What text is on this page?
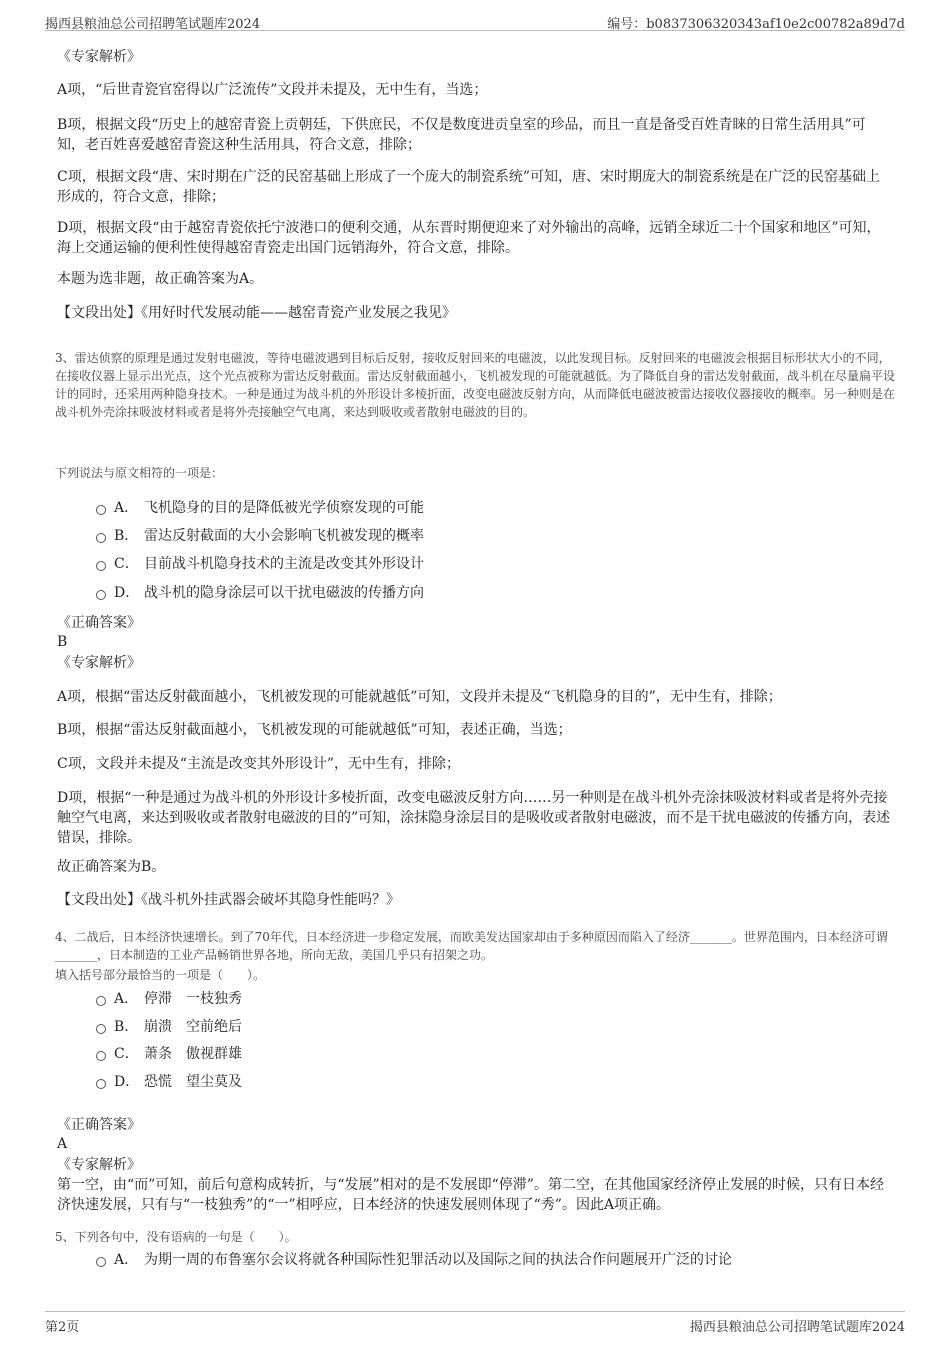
揭西县粮油总公司招聘笔试题库2024	编号：b0837306320343af10e2c00782a89d7d

《专家解析》

A项，“后世青瓷官窑得以广泛流传”文段并未提及，无中生有，当选；

B项，根据文段“历史上的越窑青瓷上贡朝廷，下供庶民，不仅是数度进贡皇室的珍品，而且一直是备受百姓青睐的日常生活用具”可知，老百姓喜爱越窑青瓷这种生活用具，符合文意，排除；

C项，根据文段“唐、宋时期在广泛的民窑基础上形成了一个庞大的制瓷系统”可知，唐、宋时期庞大的制瓷系统是在广泛的民窑基础上形成的，符合文意，排除；

D项，根据文段“由于越窑青瓷依托宁波港口的便利交通，从东晋时期便迎来了对外输出的高峰，远销全球近二十个国家和地区”可知，海上交通运输的便利性使得越窑青瓷走出国门远销海外，符合文意，排除。

本题为选非题，故正确答案为A。

【文段出处】《用好时代发展动能——越窑青瓷产业发展之我见》

3、雷达侦察的原理是通过发射电磁波，等待电磁波遇到目标后反射，接收反射回来的电磁波，以此发现目标。反射回来的电磁波会根据目标形状大小的不同，在接收仪器上显示出光点，这个光点被称为雷达反射截面。雷达反射截面越小，飞机被发现的可能就越低。为了降低自身的雷达发射截面，战斗机在尽量扁平设计的同时，还采用两种隐身技术。一种是通过为战斗机的外形设计多棱折面，改变电磁波反射方向，从而降低电磁波被雷达接收仪器接收的概率。另一种则是在战斗机外壳涂抹吸波材料或者是将外壳接触空气电离，来达到吸收或者散射电磁波的目的。

下列说法与原文相符的一项是：

A． 飞机隐身的目的是降低被光学侦察发现的可能
B． 雷达反射截面的大小会影响飞机被发现的概率
C． 目前战斗机隐身技术的主流是改变其外形设计
D． 战斗机的隐身涂层可以干扰电磁波的传播方向

《正确答案》

B

《专家解析》

A项，根据“雷达反射截面越小，飞机被发现的可能就越低”可知，文段并未提及“飞机隐身的目的”，无中生有，排除；

B项，根据“雷达反射截面越小，飞机被发现的可能就越低”可知，表述正确，当选；

C项，文段并未提及“主流是改变其外形设计”，无中生有，排除；

D项，根据“一种是通过为战斗机的外形设计多棱折面，改变电磁波反射方向……另一种则是在战斗机外壳涂抹吸波材料或者是将外壳接触空气电离，来达到吸收或者散射电磁波的目的”可知，涂抹隐身涂层目的是吸收或者散射电磁波，而不是干扰电磁波的传播方向，表述错误，排除。

故正确答案为B。

【文段出处】《战斗机外挂武器会破坏其隐身性能吗？》

4、二战后，日本经济快速增长。到了70年代，日本经济进一步稳定发展，而欧美发达国家却由于多种原因而陷入了经济_______。世界范围内，日本经济可谓_______，日本制造的工业产品畅销世界各地，所向无敌，美国几乎只有招架之功。

填入括号部分最恰当的一项是（　　）。

A． 停滞　一枝独秀
B． 崩溃　空前绝后
C． 萧条　傲视群雄
D． 恐慌　望尘莫及

《正确答案》

A

《专家解析》

第一空，由“而”可知，前后句意构成转折，与“发展”相对的是不发展即“停滞”。第二空，在其他国家经济停止发展的时候，只有日本经济快速发展，只有与“一枝独秀”的“一”相呼应，日本经济的快速发展则体现了“秀”。因此A项正确。

5、下列各句中，没有语病的一句是（　　）。

A． 为期一周的布鲁塞尔会议将就各种国际性犯罪活动以及国际之间的执法合作问题展开广泛的讨论
第2页	揭西县粮油总公司招聘笔试题库2024
